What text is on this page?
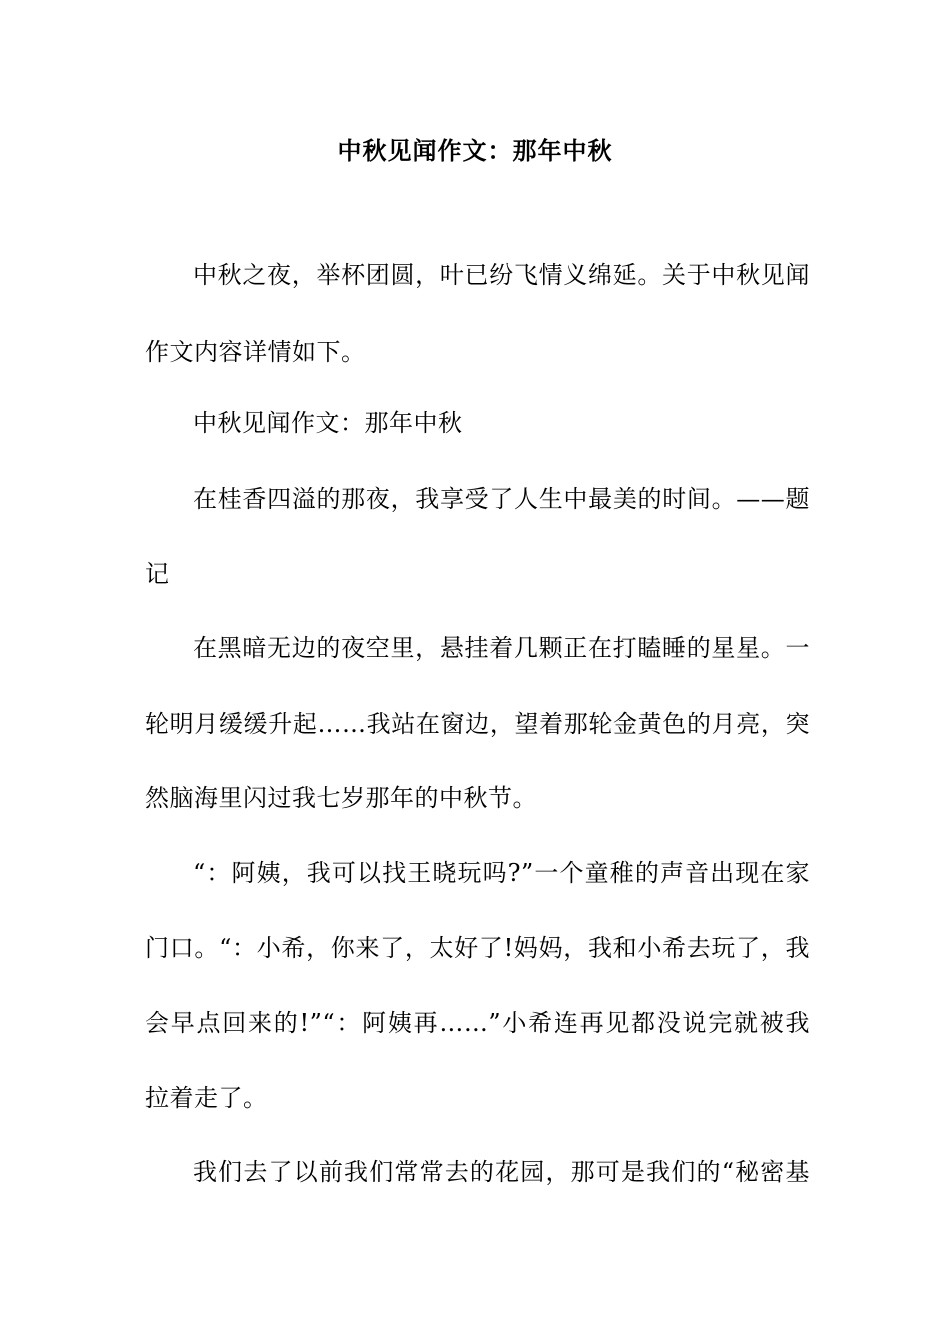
中秋见闻作文：那年中秋
中秋之夜，举杯团圆，叶已纷飞情义绵延。关于中秋见闻
作文内容详情如下。
中秋见闻作文：那年中秋
在桂香四溢的那夜，我享受了人生中最美的时间。——题
记
在黑暗无边的夜空里，悬挂着几颗正在打瞌睡的星星。一
轮明月缓缓升起……我站在窗边，望着那轮金黄色的月亮，突
然脑海里闪过我七岁那年的中秋节。
“：阿姨，我可以找王晓玩吗?”一个童稚的声音出现在家
门口。“：小希，你来了，太好了!妈妈，我和小希去玩了，我
会早点回来的!”“：阿姨再……”小希连再见都没说完就被我
拉着走了。
我们去了以前我们常常去的花园，那可是我们的“秘密基
